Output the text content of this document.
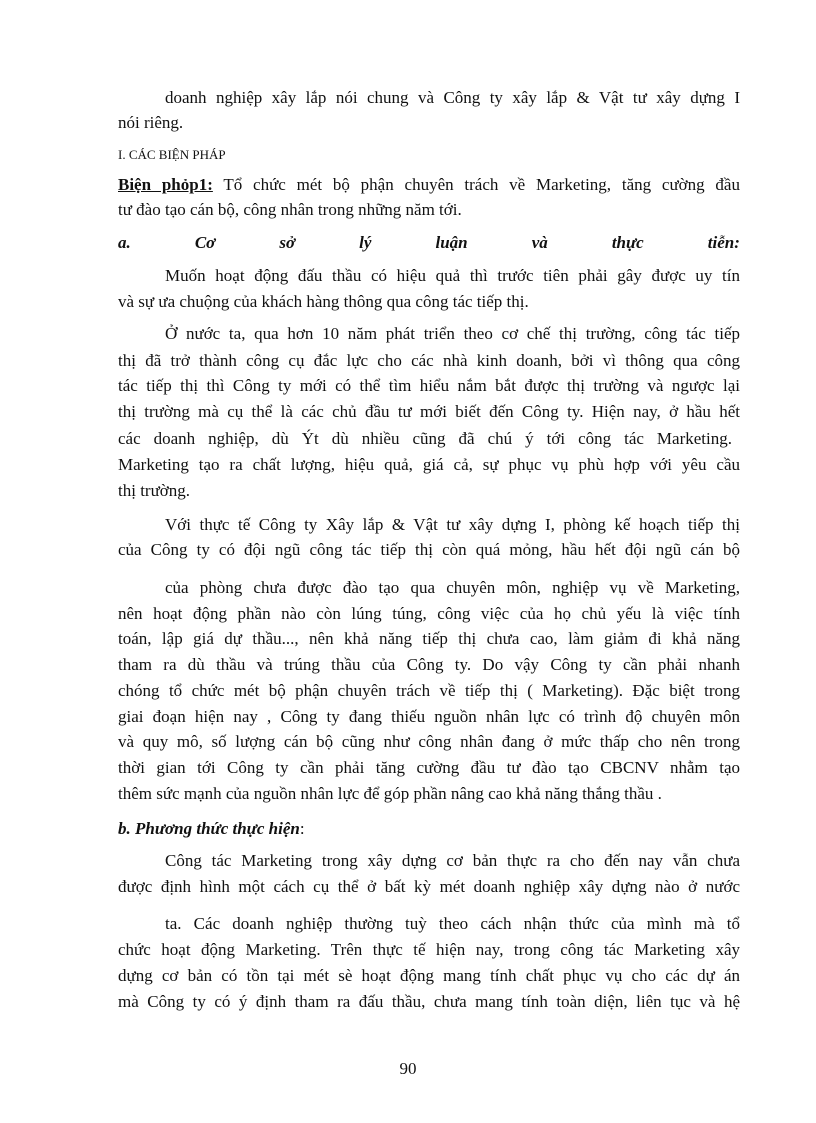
doanh nghiệp xây lắp nói chung và Công ty xây lắp & Vật tư xây dựng I
nói riêng.
I. CÁC BIỆN PHÁP
Biện phỏp1: Tổ chức mét bộ phận chuyên trách về Marketing, tăng cường đầu
tư đào tạo cán bộ, công nhân trong những năm tới.
a.	Cơ	sở	lý	luận	và	thực	tiễn:
Muốn hoạt động đấu thầu có hiệu quả thì trước tiên phải gây được uy tín
và sự ưa chuộng của khách hàng thông qua công tác tiếp thị.
Ở nước ta, qua hơn 10 năm phát triển theo cơ chế thị trường, công tác tiếp
thị đã trở thành công cụ đắc lực cho các nhà kinh doanh, bởi vì thông qua công
tác tiếp thị thì Công ty mới có thể tìm hiểu nắm bắt được thị trường và ngược lại
thị trường mà cụ thể là các chủ đầu tư mới biết đến Công ty. Hiện nay, ở hầu hết
các doanh nghiệp, dù Ýt dù nhiều cũng đã chú ý tới công tác Marketing.
Marketing tạo ra chất lượng, hiệu quả, giá cả, sự phục vụ phù hợp với yêu cầu
thị trường.
Với thực tế Công ty Xây lắp & Vật tư xây dựng I, phòng kế hoạch tiếp thị
của Công ty có đội ngũ công tác tiếp thị còn quá mỏng, hầu hết đội ngũ cán bộ
của phòng chưa được đào tạo qua chuyên môn, nghiệp vụ về Marketing,
nên hoạt động phần nào còn lúng túng, công việc của họ chủ yếu là việc tính
toán, lập giá dự thầu..., nên khả năng tiếp thị chưa cao, làm giảm đi khả năng
tham ra dù thầu và trúng thầu của Công ty. Do vậy Công ty cần phải nhanh
chóng tổ chức mét bộ phận chuyên trách về tiếp thị ( Marketing). Đặc biệt trong
giai đoạn hiện nay , Công ty đang thiếu nguồn nhân lực có trình độ chuyên môn
và quy mô, số lượng cán bộ cũng như công nhân đang ở mức thấp cho nên trong
thời gian tới Công ty cần phải tăng cường đầu tư đào tạo CBCNV nhằm tạo
thêm sức mạnh của nguồn nhân lực để góp phần nâng cao khả năng thắng thầu .
b. Phương thức thực hiện:
Công tác Marketing trong xây dựng cơ bản thực ra cho đến nay vẫn chưa
được định hình một cách cụ thể ở bất kỳ mét doanh nghiệp xây dựng nào ở nước
ta. Các doanh nghiệp thường tuỳ theo cách nhận thức của mình mà tổ
chức hoạt động Marketing. Trên thực tế hiện nay, trong công tác Marketing xây
dựng cơ bản có tồn tại mét sè hoạt động mang tính chất phục vụ cho các dự án
mà Công ty có ý định tham ra đấu thầu, chưa mang tính toàn diện, liên tục và hệ
90
